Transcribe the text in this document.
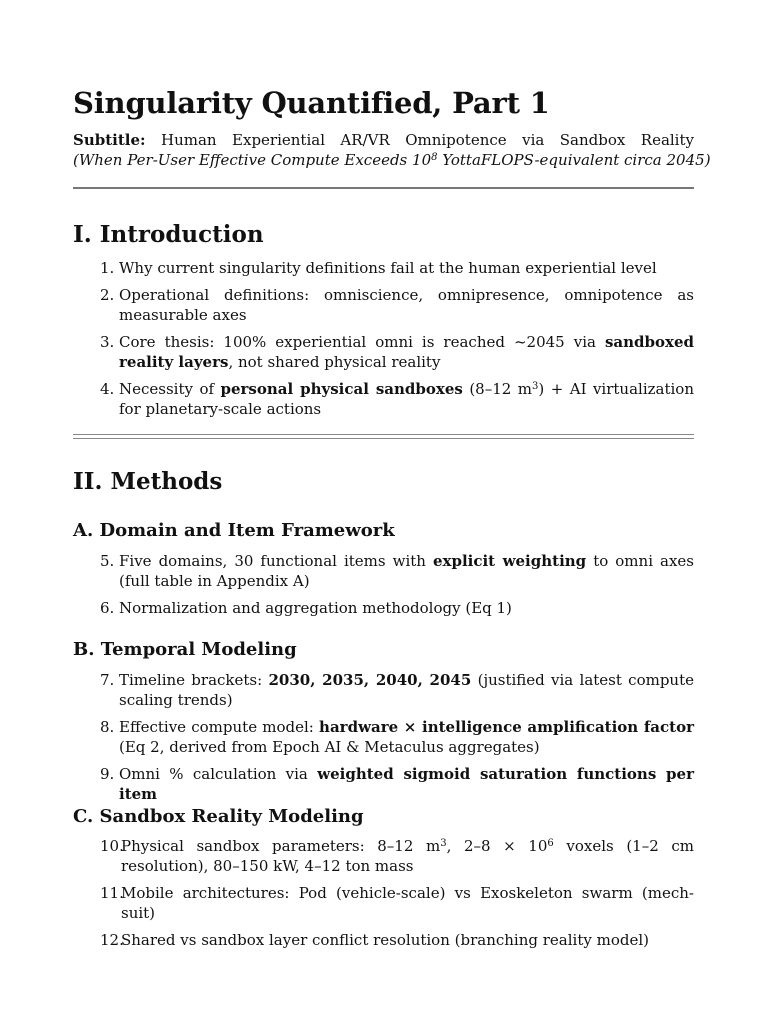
Singularity Quantified, Part 1
Subtitle: Human Experiential AR/VR Omnipotence via Sandbox Reality
(When Per-User Effective Compute Exceeds $10^8$ YottaFLOPS-equivalent circa 2045)
I. Introduction
1. Why current singularity definitions fail at the human experiential level
2. Operational definitions: omniscience, omnipresence, omnipotence as measurable axes
3. Core thesis: 100% experiential omni is reached ~2045 via sandboxed reality layers, not shared physical reality
4. Necessity of personal physical sandboxes (8–12 $m^3$) + AI virtualization for planetary-scale actions
II. Methods
A. Domain and Item Framework
5. Five domains, 30 functional items with explicit weighting to omni axes (full table in Appendix A)
6. Normalization and aggregation methodology (Eq 1)
B. Temporal Modeling
7. Timeline brackets: 2030, 2035, 2040, 2045 (justified via latest compute scaling trends)
8. Effective compute model: hardware × intelligence amplification factor (Eq 2, derived from Epoch AI & Metaculus aggregates)
9. Omni % calculation via weighted sigmoid saturation functions per item
C. Sandbox Reality Modeling
10.
Physical sandbox parameters: 8–12 $m^3$, $2-8 \times 10^6$ voxels (1–2 cm resolution), 80–150 kW, 4–12 ton mass
11.
Mobile architectures: Pod (vehicle-scale) vs Exoskeleton swarm (mech-suit)
12.
Shared vs sandbox layer conflict resolution (branching reality model)
